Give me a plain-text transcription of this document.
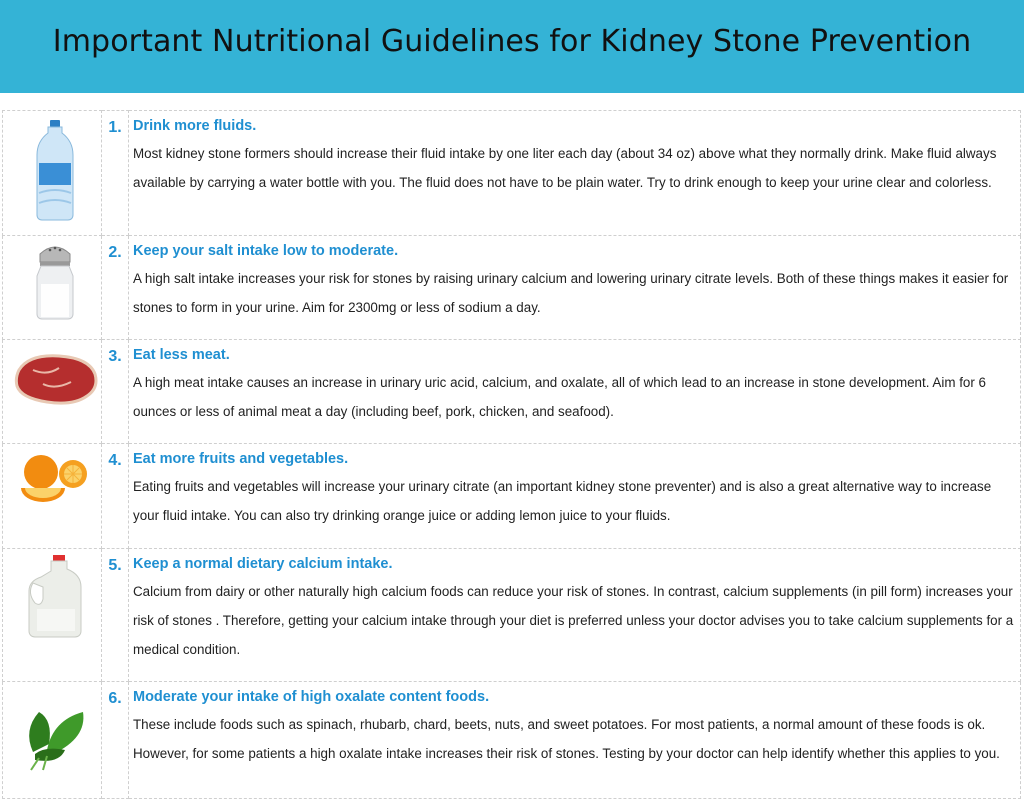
Important Nutritional Guidelines for Kidney Stone Prevention
	1.	Drink more fluids.
Most kidney stone formers should increase their fluid intake by one liter each day (about 34 oz) above what they normally drink. Make fluid always available by carrying a water bottle with you. The fluid does not have to be plain water. Try to drink enough to keep your urine clear and colorless.

	2.	Keep your salt intake low to moderate.
A high salt intake increases your risk for stones by raising urinary calcium and lowering urinary citrate levels. Both of these things makes it easier for stones to form in your urine. Aim for 2300mg or less of sodium a day.

	3.	Eat less meat.
A high meat intake causes an increase in urinary uric acid, calcium, and oxalate, all of which lead to an increase in stone development. Aim for 6 ounces or less of animal meat a day (including beef, pork, chicken, and seafood).

	4.	Eat more fruits and vegetables.
Eating fruits and vegetables will increase your urinary citrate (an important kidney stone preventer) and is also a great alternative way to increase your fluid intake. You can also try drinking orange juice or adding lemon juice to your fluids.

	5.	Keep a normal dietary calcium intake.
Calcium from dairy or other naturally high calcium foods can reduce your risk of stones. In contrast, calcium supplements (in pill form) increases your risk of stones . Therefore, getting your calcium intake through your diet is preferred unless your doctor advises you to take calcium supplements for a medical condition.

	6.	Moderate your intake of high oxalate content foods.
These include foods such as spinach, rhubarb, chard, beets, nuts, and sweet potatoes. For most patients, a normal amount of these foods is ok. However, for some patients a high oxalate intake increases their risk of stones. Testing by your doctor can help identify whether this applies to you.
